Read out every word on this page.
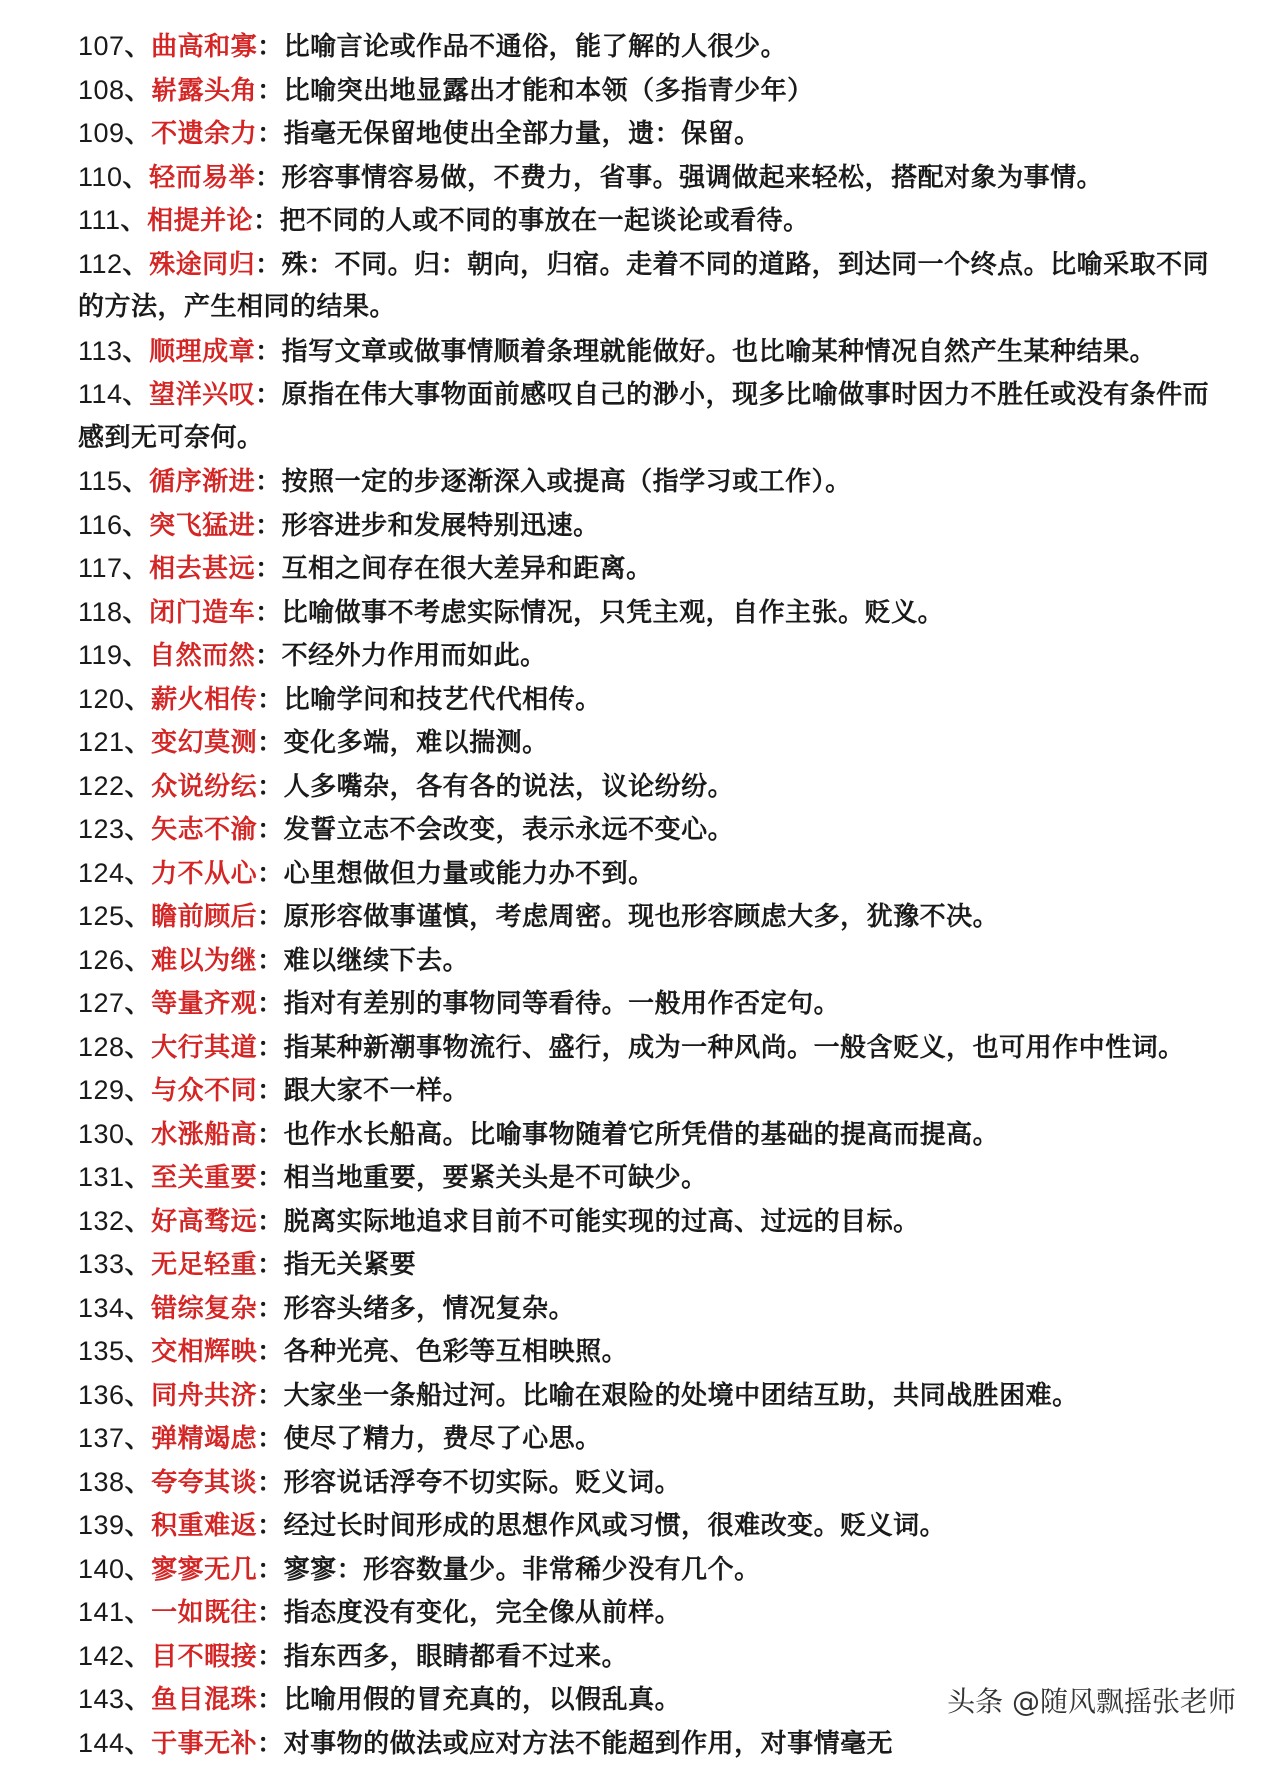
107、曲高和寡：比喻言论或作品不通俗，能了解的人很少。
108、崭露头角：比喻突出地显露出才能和本领（多指青少年）
109、不遗余力：指毫无保留地使出全部力量，遗：保留。
110、轻而易举：形容事情容易做，不费力，省事。强调做起来轻松，搭配对象为事情。
111、相提并论：把不同的人或不同的事放在一起谈论或看待。
112、殊途同归：殊：不同。归：朝向，归宿。走着不同的道路，到达同一个终点。比喻采取不同
的方法，产生相同的结果。
113、顺理成章：指写文章或做事情顺着条理就能做好。也比喻某种情况自然产生某种结果。
114、望洋兴叹：原指在伟大事物面前感叹自己的渺小，现多比喻做事时因力不胜任或没有条件而
感到无可奈何。
115、循序渐进：按照一定的步逐渐深入或提高（指学习或工作）。
116、突飞猛进：形容进步和发展特别迅速。
117、相去甚远：互相之间存在很大差异和距离。
118、闭门造车：比喻做事不考虑实际情况，只凭主观，自作主张。贬义。
119、自然而然：不经外力作用而如此。
120、薪火相传：比喻学问和技艺代代相传。
121、变幻莫测：变化多端，难以揣测。
122、众说纷纭：人多嘴杂，各有各的说法，议论纷纷。
123、矢志不渝：发誓立志不会改变，表示永远不变心。
124、力不从心：心里想做但力量或能力办不到。
125、瞻前顾后：原形容做事谨慎，考虑周密。现也形容顾虑大多，犹豫不决。
126、难以为继：难以继续下去。
127、等量齐观：指对有差别的事物同等看待。一般用作否定句。
128、大行其道：指某种新潮事物流行、盛行，成为一种风尚。一般含贬义，也可用作中性词。
129、与众不同：跟大家不一样。
130、水涨船高：也作水长船高。比喻事物随着它所凭借的基础的提高而提高。
131、至关重要：相当地重要，要紧关头是不可缺少。
132、好高骛远：脱离实际地追求目前不可能实现的过高、过远的目标。
133、无足轻重：指无关紧要
134、错综复杂：形容头绪多，情况复杂。
135、交相辉映：各种光亮、色彩等互相映照。
136、同舟共济：大家坐一条船过河。比喻在艰险的处境中团结互助，共同战胜困难。
137、弹精竭虑：使尽了精力，费尽了心思。
138、夸夸其谈：形容说话浮夸不切实际。贬义词。
139、积重难返：经过长时间形成的思想作风或习惯，很难改变。贬义词。
140、寥寥无几：寥寥：形容数量少。非常稀少没有几个。
141、一如既往：指态度没有变化，完全像从前样。
142、目不暇接：指东西多，眼睛都看不过来。
143、鱼目混珠：比喻用假的冒充真的，以假乱真。
144、于事无补：对事物的做法或应对方法不能超到作用，对事情毫无
头条 @随风飘摇张老师
